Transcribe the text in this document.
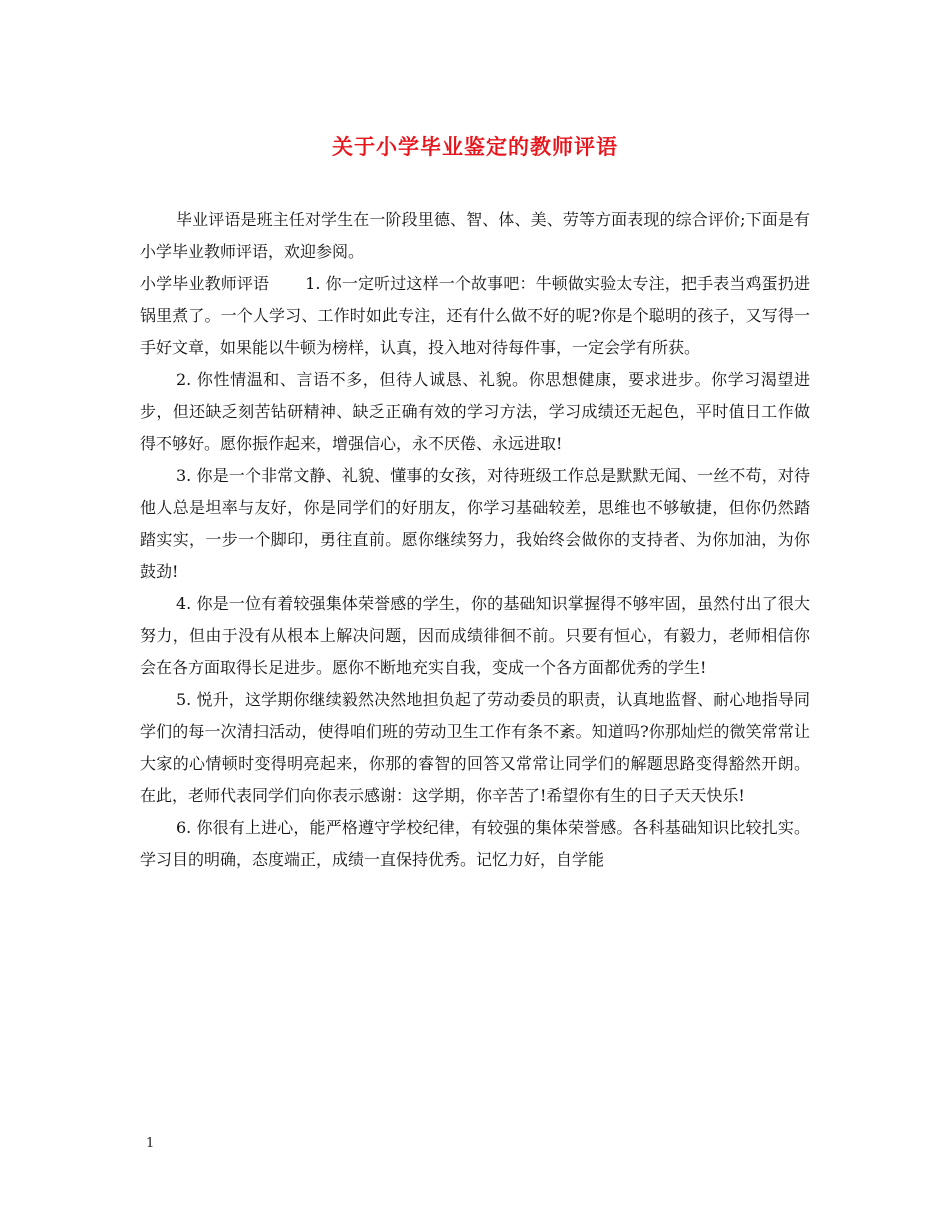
关于小学毕业鉴定的教师评语

毕业评语是班主任对学生在一阶段里德、智、体、美、劳等方面表现的综合评价;下面是有小学毕业教师评语，欢迎参阅。

小学毕业教师评语 1. 你一定听过这样一个故事吧：牛顿做实验太专注，把手表当鸡蛋扔进锅里煮了。一个人学习、工作时如此专注，还有什么做不好的呢?你是个聪明的孩子，又写得一手好文章，如果能以牛顿为榜样，认真，投入地对待每件事，一定会学有所获。

2. 你性情温和、言语不多，但待人诚恳、礼貌。你思想健康，要求进步。你学习渴望进步，但还缺乏刻苦钻研精神、缺乏正确有效的学习方法，学习成绩还无起色，平时值日工作做得不够好。愿你振作起来，增强信心，永不厌倦、永远进取!

3. 你是一个非常文静、礼貌、懂事的女孩，对待班级工作总是默默无闻、一丝不苟，对待他人总是坦率与友好，你是同学们的好朋友，你学习基础较差，思维也不够敏捷，但你仍然踏踏实实，一步一个脚印，勇往直前。愿你继续努力，我始终会做你的支持者、为你加油，为你鼓劲!

4. 你是一位有着较强集体荣誉感的学生，你的基础知识掌握得不够牢固，虽然付出了很大努力，但由于没有从根本上解决问题，因而成绩徘徊不前。只要有恒心，有毅力，老师相信你会在各方面取得长足进步。愿你不断地充实自我，变成一个各方面都优秀的学生!

5. 悦升，这学期你继续毅然决然地担负起了劳动委员的职责，认真地监督、耐心地指导同学们的每一次清扫活动，使得咱们班的劳动卫生工作有条不紊。知道吗?你那灿烂的微笑常常让大家的心情顿时变得明亮起来，你那的睿智的回答又常常让同学们的解题思路变得豁然开朗。在此，老师代表同学们向你表示感谢：这学期，你辛苦了!希望你有生的日子天天快乐!

6. 你很有上进心，能严格遵守学校纪律，有较强的集体荣誉感。各科基础知识比较扎实。学习目的明确，态度端正，成绩一直保持优秀。记忆力好，自学能

1
